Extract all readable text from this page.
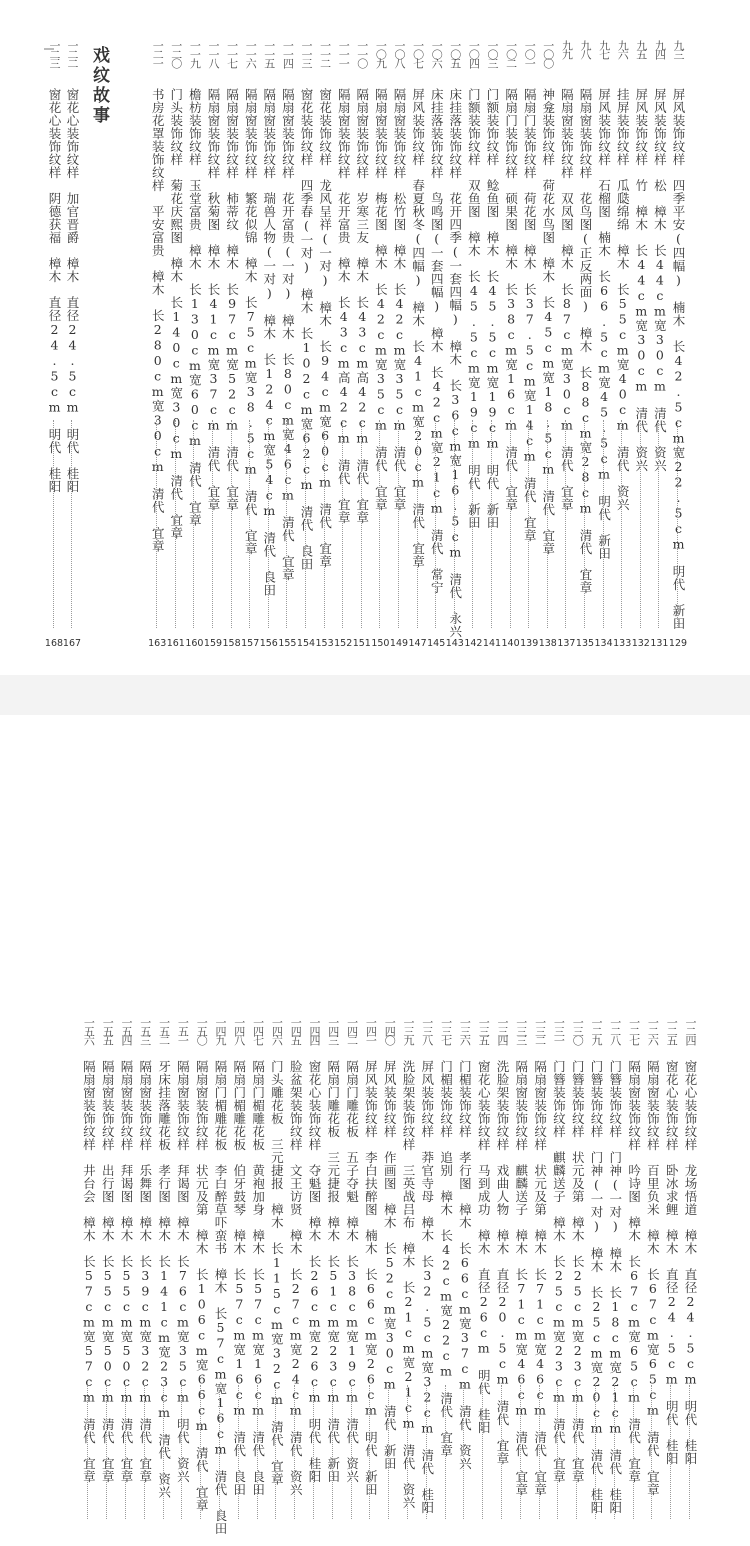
戏纹故事	九三
屏风装饰纹样　四季平安(四幅)　楠木　长42.5cm宽22.5cm　明代　新田
129
九四
屏风装饰纹样　松　樟木　长44cm宽30cm　清代　资兴
131
九五
屏风装饰纹样　竹　樟木　长44cm宽30cm　清代　资兴
132
九六
挂屏装饰纹样　瓜瓞绵绵　樟木　长55cm宽40cm　清代　资兴
133
九七
屏风装饰纹样　石榴图　楠木　长66.5cm宽45.5cm　明代　新田
134
九八
隔扇窗装饰纹样　花鸟图(正反两面)　樟木　长88cm宽28cm　清代　宜章
135
九九
隔扇窗装饰纹样　双凤图　樟木　长87cm宽30cm　清代　宜章
137
一〇〇
神龛装饰纹样　荷花水鸟图　樟木　长45cm宽18.5cm　清代　宜章
138
一〇一
隔扇门装饰纹样　荷花图　樟木　长37.5cm宽14cm　清代　宜章
139
一〇二
隔扇门装饰纹样　硕果图　樟木　长38cm宽16cm　清代　宜章
140
一〇三
门额装饰纹样　鲶鱼图　樟木　长45.5cm宽19cm　明代　新田
141
一〇四
门额装饰纹样　双鱼图　樟木　长45.5cm宽19cm　明代　新田
142
一〇五
床挂落装饰纹样　花开四季(一套四幅)　樟木　长36cm宽16.5cm　清代　永兴
143
一〇六
床挂落装饰纹样　鸟鸣图(一套四幅)　樟木　长42cm宽21cm　清代　常宁
145
一〇七
屏风装饰纹样　春夏秋冬(四幅)　樟木　长41cm宽20cm　清代　宜章
147
一〇八
隔扇窗装饰纹样　松竹图　樟木　长42cm宽35cm　清代　宜章
149
一〇九
隔扇窗装饰纹样　梅花图　樟木　长42cm宽35cm　清代　宜章
150
一一〇
隔扇窗装饰纹样　岁寒三友　樟木　长43cm高42cm　清代　宜章
151
一一一
隔扇窗装饰纹样　花开富贵　樟木　长43cm高42cm　清代　宜章
152
一一二
窗花装饰纹样　龙风呈祥(一对)　樟木　长94cm宽60cm　清代　宜章
153
一一三
窗花装饰纹样　四季春(一对)　樟木　长102cm宽62cm　清代　良田
154
一一四
隔扇窗装饰纹样　花开富贵(一对)　樟木　长80cm宽46cm　清代　宜章
155
一一五
隔扇窗装饰纹样　瑞兽人物(一对)　樟木　长124cm宽54cm　清代　良田
156
一一六
隔扇窗装饰纹样　繁花似锦　樟木　长75cm宽38.5cm　清代　宜章
157
一一七
隔扇窗装饰纹样　柿蒂纹　樟木　长97cm宽52cm　清代　宜章
158
一一八
隔扇窗装饰纹样　秋菊图　樟木　长41cm宽37cm　清代　宜章
159
一一九
檐枋装饰纹样　玉堂富贵　樟木　长130cm宽60cm　清代　宜章
160
一二〇
门头装饰纹样　菊花庆熙图　樟木　长140cm宽30cm　清代　宜章
161
一二一
书房花罩装饰纹样　平安富贵　樟木　长280cm宽30cm　清代　宜章
163
一二二
窗花心装饰纹样　加官晋爵　樟木　直径24.5cm　明代　桂阳
167
一二三
窗花心装饰纹样　阴德获福　樟木　直径24.5cm　明代　桂阳
168
一二四
窗花心装饰纹样　龙场悟道　樟木　直径24.5cm　明代　桂阳
一二五
窗花心装饰纹样　卧冰求鲤　樟木　直径24.5cm　明代　桂阳
一二六
隔扇窗装饰纹样　百里负米　樟木　长67cm宽65cm　清代　宜章
一二七
隔扇窗装饰纹样　吟诗图　樟木　长67cm宽65cm　清代　宜章
一二八
门簪装饰纹样　门神(一对)　樟木　长18cm宽21cm　清代　桂阳
一二九
门簪装饰纹样　门神(一对)　樟木　长25cm宽20cm　清代　桂阳
一三〇
门簪装饰纹样　状元及第　樟木　长25cm宽23cm　清代　宜章
一三一
门簪装饰纹样　麒麟送子　樟木　长25cm宽23cm　清代　宜章
一三二
隔扇窗装饰纹样　状元及第　樟木　长71cm宽46cm　清代　宜章
一三三
隔扇窗装饰纹样　麒麟送子　樟木　长71cm宽46cm　清代　宜章
一三四
洗脸架装饰纹样　戏曲人物　樟木　直径20.5cm　清代　宜章
一三五
窗花心装饰纹样　马到成功　樟木　直径26cm　明代　桂阳
一三六
门楣装饰纹样　孝行图　樟木　长66cm宽37cm　清代　资兴
一三七
门楣装饰纹样　追别　樟木　长42cm宽22cm　清代　宜章
一三八
屏风装饰纹样　莽官寺母　樟木　长32.5cm宽32cm　清代　桂阳
一三九
洗脸架装饰纹样　三英战吕布　樟木　长21cm宽21cm　清代　资兴
一四〇
屏风装饰纹样　作画图　樟木　长52cm宽30cm　清代　新田
一四一
屏风装饰纹样　李白扶醉图　楠木　长66cm宽26cm　明代　新田
一四二
隔扇门雕花板　五子夺魁　樟木　长38cm宽19cm　清代　资兴
一四三
隔扇门雕花板　三元捷报　樟木　长51cm宽23cm　清代　新田
一四四
窗花心装饰纹样　夺魁图　樟木　长26cm宽26cm　明代　桂阳
一四五
脸盆架装饰纹样　文王访贤　樟木　长27cm宽24cm　清代　资兴
一四六
门头雕花板　三元捷报　樟木　长115cm宽32cm　清代　宜章
一四七
隔扇门楣雕花板　黄袍加身　樟木　长57cm宽16cm　清代　良田
一四八
隔扇门楣雕花板　伯牙鼓琴　樟木　长57cm宽16cm　清代　良田
一四九
隔扇门楣雕花板　李白醉草吓蛮书　樟木　长57cm宽16cm　清代　良田
一五〇
隔扇窗装饰纹样　状元及第　樟木　长106cm宽66cm　清代　宜章
一五一
隔扇窗装饰纹样　拜谒图　樟木　长76cm宽35cm　明代　资兴
一五二
牙床挂落雕花板　孝行图　樟木　长141cm宽23cm　清代　资兴
一五三
隔扇窗装饰纹样　乐舞图　樟木　长39cm宽32cm　清代　宜章
一五四
隔扇窗装饰纹样　拜谒图　樟木　长55cm宽50cm　清代　宜章
一五五
隔扇窗装饰纹样　出行图　樟木　长55cm宽50cm　清代　宜章
一五六
隔扇窗装饰纹样　井台会　樟木　长57cm宽57cm　清代　宜章
